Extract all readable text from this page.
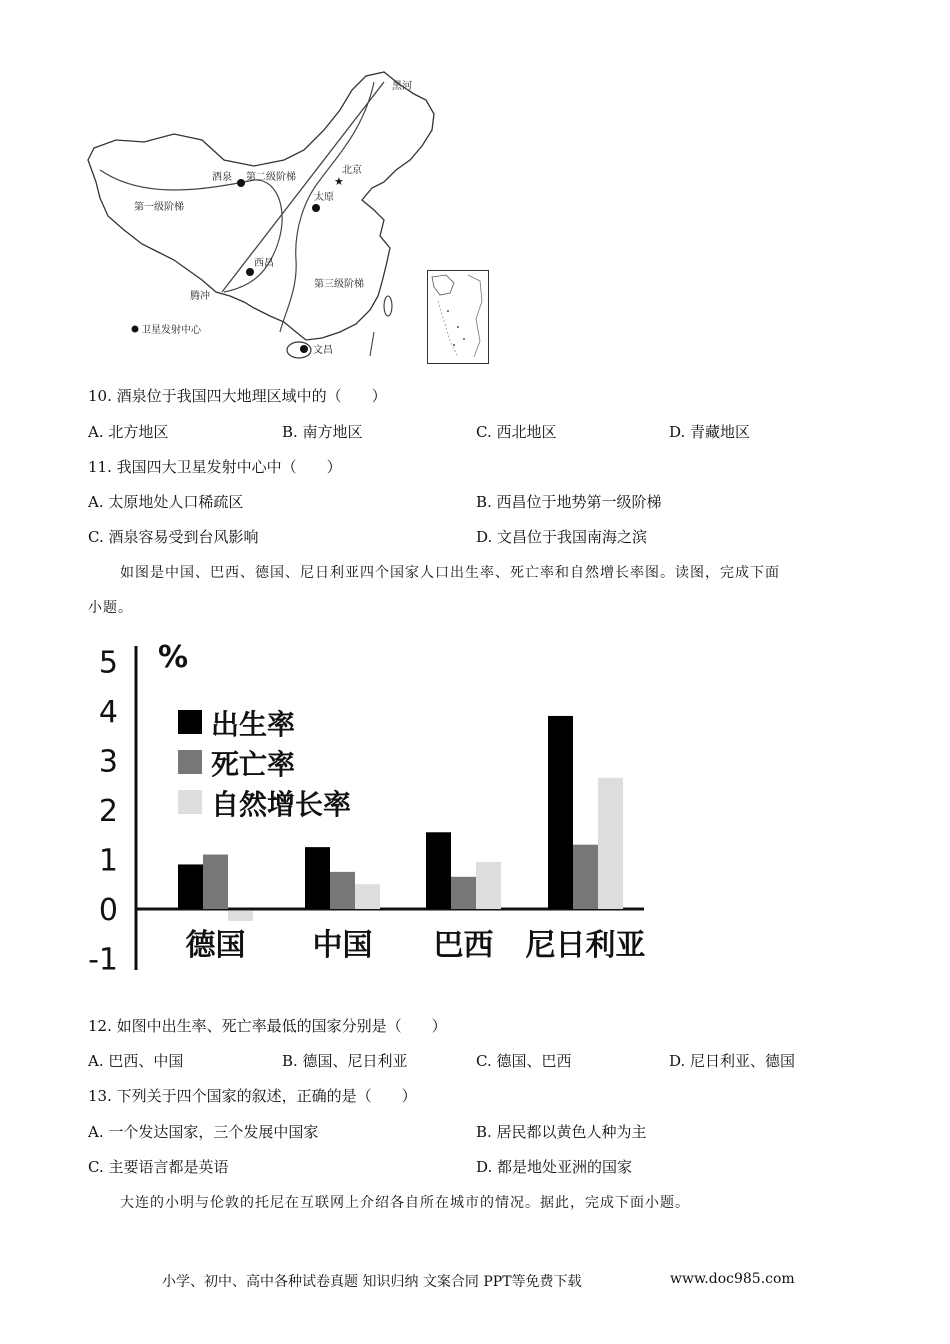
★
黑河
北京
酒泉 第二级阶梯
太原
第一级阶梯
西昌
腾冲
第三级阶梯
卫星发射中心
文昌
10. 酒泉位于我国四大地理区域中的（　　）
A. 北方地区	B. 南方地区	C. 西北地区	D. 青藏地区
11. 我国四大卫星发射中心中（　　）
A. 太原地处人口稀疏区	B. 西昌位于地势第一级阶梯
C. 酒泉容易受到台风影响	D. 文昌位于我国南海之滨
如图是中国、巴西、德国、尼日利亚四个国家人口出生率、死亡率和自然增长率图。读图，完成下面
小题。
5
4
3
2
1
0
-1
%
德国 中国 巴西 尼日利亚
出生率
死亡率
自然增长率
12. 如图中出生率、死亡率最低的国家分别是（　　）
A. 巴西、中国	B. 德国、尼日利亚	C. 德国、巴西	D. 尼日利亚、德国
13. 下列关于四个国家的叙述，正确的是（　　）
A. 一个发达国家，三个发展中国家	B. 居民都以黄色人种为主
C. 主要语言都是英语	D. 都是地处亚洲的国家
大连的小明与伦敦的托尼在互联网上介绍各自所在城市的情况。据此，完成下面小题。
小学、初中、高中各种试卷真题 知识归纳 文案合同 PPT等免费下载	www.doc985.com
